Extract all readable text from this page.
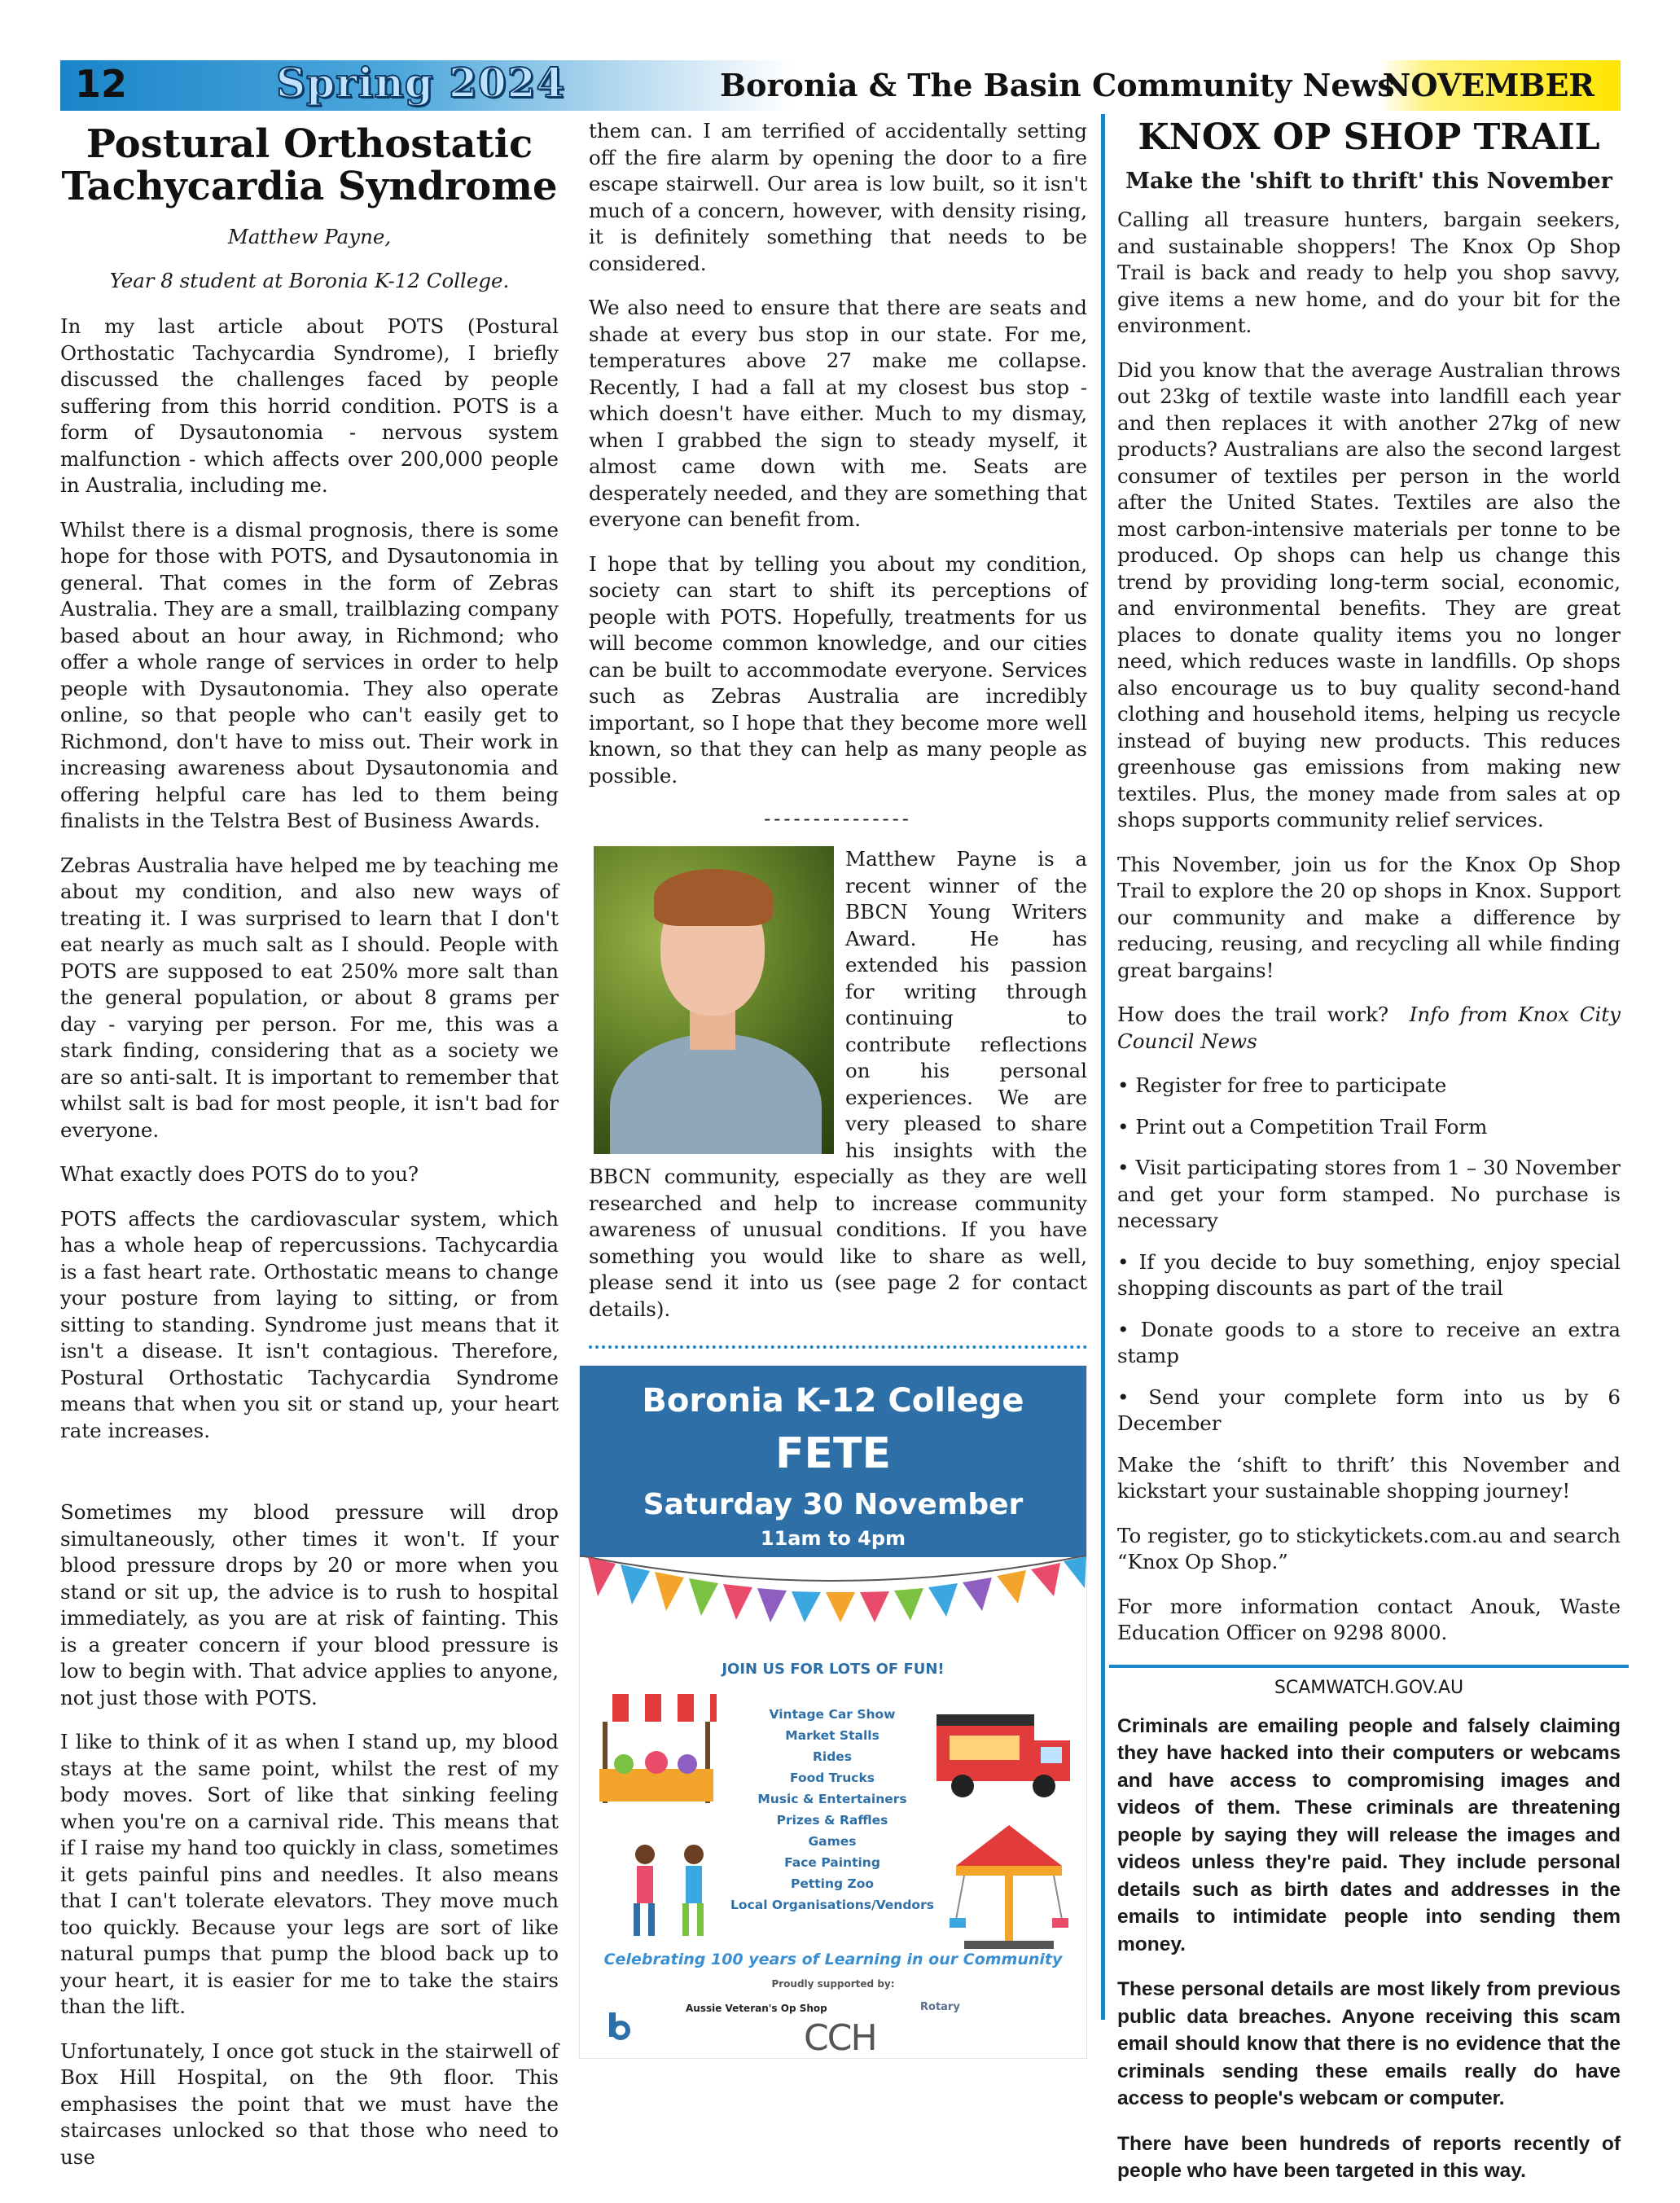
12	Spring 2024	Boronia & The Basin Community News
NOVEMBER
Postural Orthostatic Tachycardia Syndrome
Matthew Payne,
Year 8 student at Boronia K-12 College.

In my last article about POTS (Postural Orthostatic Tachycardia Syndrome), I briefly discussed the challenges faced by people suffering from this horrid condition. POTS is a form of Dysautonomia - nervous system malfunction - which affects over 200,000 people in Australia, including me.

Whilst there is a dismal prognosis, there is some hope for those with POTS, and Dysautonomia in general. That comes in the form of Zebras Australia. They are a small, trailblazing company based about an hour away, in Richmond; who offer a whole range of services in order to help people with Dysautonomia. They also operate online, so that people who can't easily get to Richmond, don't have to miss out. Their work in increasing awareness about Dysautonomia and offering helpful care has led to them being finalists in the Telstra Best of Business Awards.

Zebras Australia have helped me by teaching me about my condition, and also new ways of treating it. I was surprised to learn that I don't eat nearly as much salt as I should. People with POTS are supposed to eat 250% more salt than the general population, or about 8 grams per day - varying per person. For me, this was a stark finding, considering that as a society we are so anti-salt. It is important to remember that whilst salt is bad for most people, it isn't bad for everyone.

What exactly does POTS do to you?

POTS affects the cardiovascular system, which has a whole heap of repercussions. Tachycardia is a fast heart rate. Orthostatic means to change your posture from laying to sitting, or from sitting to standing. Syndrome just means that it isn't a disease. It isn't contagious. Therefore, Postural Orthostatic Tachycardia Syndrome means that when you sit or stand up, your heart rate increases.

Sometimes my blood pressure will drop simultaneously, other times it won't. If your blood pressure drops by 20 or more when you stand or sit up, the advice is to rush to hospital immediately, as you are at risk of fainting. This is a greater concern if your blood pressure is low to begin with. That advice applies to anyone, not just those with POTS.

I like to think of it as when I stand up, my blood stays at the same point, whilst the rest of my body moves. Sort of like that sinking feeling when you're on a carnival ride. This means that if I raise my hand too quickly in class, sometimes it gets painful pins and needles. It also means that I can't tolerate elevators. They move much too quickly. Because your legs are sort of like natural pumps that pump the blood back up to your heart, it is easier for me to take the stairs than the lift.

Unfortunately, I once got stuck in the stairwell of Box Hill Hospital, on the 9th floor. This emphasises the point that we must have the staircases unlocked so that those who need to use

them can. I am terrified of accidentally setting off the fire alarm by opening the door to a fire escape stairwell. Our area is low built, so it isn't much of a concern, however, with density rising, it is definitely something that needs to be considered.

We also need to ensure that there are seats and shade at every bus stop in our state. For me, temperatures above 27 make me collapse. Recently, I had a fall at my closest bus stop - which doesn't have either. Much to my dismay, when I grabbed the sign to steady myself, it almost came down with me. Seats are desperately needed, and they are something that everyone can benefit from.

I hope that by telling you about my condition, society can start to shift its perceptions of people with POTS. Hopefully, treatments for us will become common knowledge, and our cities can be built to accommodate everyone. Services such as Zebras Australia are incredibly important, so I hope that they become more well known, so that they can help as many people as possible.

---------------

Matthew Payne is a recent winner of the BBCN Young Writers Award. He has extended his passion for writing through continuing to contribute reflections on his personal experiences. We are very pleased to share his insights with the BBCN community, especially as they are well researched and help to increase community awareness of unusual conditions. If you have something you would like to share as well, please send it into us (see page 2 for contact details).

Boronia K-12 College
FETE
Saturday 30 November
11am to 4pm
JOIN US FOR LOTS OF FUN!
Vintage Car Show
Market Stalls
Rides
Food Trucks
Music & Entertainers
Prizes & Raffles
Games
Face Painting
Petting Zoo
Local Organisations/Vendors
Celebrating 100 years of Learning in our Community
Proudly supported by:
Aussie Veteran's Op Shop	Rotary
CCH
KNOX OP SHOP TRAIL
Make the 'shift to thrift' this November

Calling all treasure hunters, bargain seekers, and sustainable shoppers! The Knox Op Shop Trail is back and ready to help you shop savvy, give items a new home, and do your bit for the environment.

Did you know that the average Australian throws out 23kg of textile waste into landfill each year and then replaces it with another 27kg of new products? Australians are also the second largest consumer of textiles per person in the world after the United States. Textiles are also the most carbon-intensive materials per tonne to be produced. Op shops can help us change this trend by providing long-term social, economic, and environmental benefits. They are great places to donate quality items you no longer need, which reduces waste in landfills. Op shops also encourage us to buy quality second-hand clothing and household items, helping us recycle instead of buying new products. This reduces greenhouse gas emissions from making new textiles. Plus, the money made from sales at op shops supports community relief services.

This November, join us for the Knox Op Shop Trail to explore the 20 op shops in Knox. Support our community and make a difference by reducing, reusing, and recycling all while finding great bargains!

How does the trail work? Info from Knox City Council News

• Register for free to participate

• Print out a Competition Trail Form

• Visit participating stores from 1 – 30 November and get your form stamped. No purchase is necessary

• If you decide to buy something, enjoy special shopping discounts as part of the trail

• Donate goods to a store to receive an extra stamp

• Send your complete form into us by 6 December

Make the ‘shift to thrift’ this November and kickstart your sustainable shopping journey!

To register, go to stickytickets.com.au and search “Knox Op Shop.”

For more information contact Anouk, Waste Education Officer on 9298 8000.

SCAMWATCH.GOV.AU

Criminals are emailing people and falsely claiming they have hacked into their computers or webcams and have access to compromising images and videos of them. These criminals are threatening people by saying they will release the images and videos unless they're paid. They include personal details such as birth dates and addresses in the emails to intimidate people into sending them money.

These personal details are most likely from previous public data breaches. Anyone receiving this scam email should know that there is no evidence that the criminals sending these emails really do have access to people's webcam or computer.

There have been hundreds of reports recently of people who have been targeted in this way.
